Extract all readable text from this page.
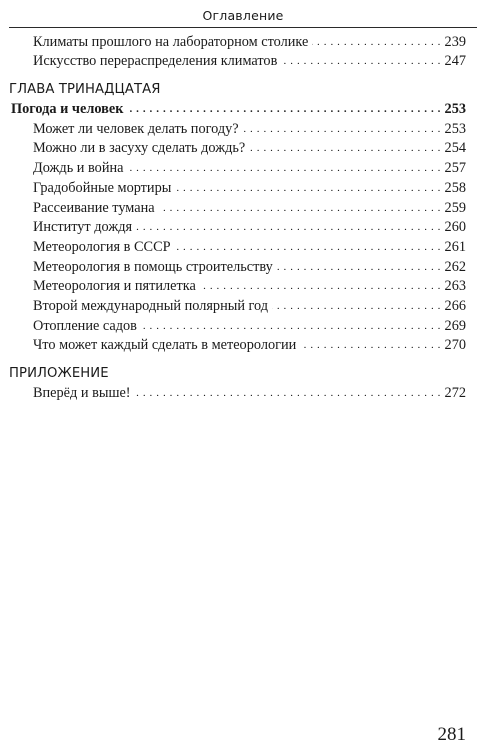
Оглавление
Климаты прошлого на лабораторном столике . . .	239
Искусство перераспределения климатов . . .	247
ГЛАВА ТРИНАДЦАТАЯ
Погода и человек . . .	253
Может ли человек делать погоду? . . .	253
Можно ли в засуху сделать дождь? . . .	254
Дождь и война . . .	257
Градобойные мортиры . . .	258
Рассеивание тумана . . .	259
Институт дождя . . .	260
Метеорология в СССР . . .	261
Метеорология в помощь строительству . . .	262
Метеорология и пятилетка . . .	263
Второй международный полярный год . . .	266
Отопление садов . . .	269
Что может каждый сделать в метеорологии . . .	270
ПРИЛОЖЕНИЕ
Вперёд и выше! . . .	272
281
